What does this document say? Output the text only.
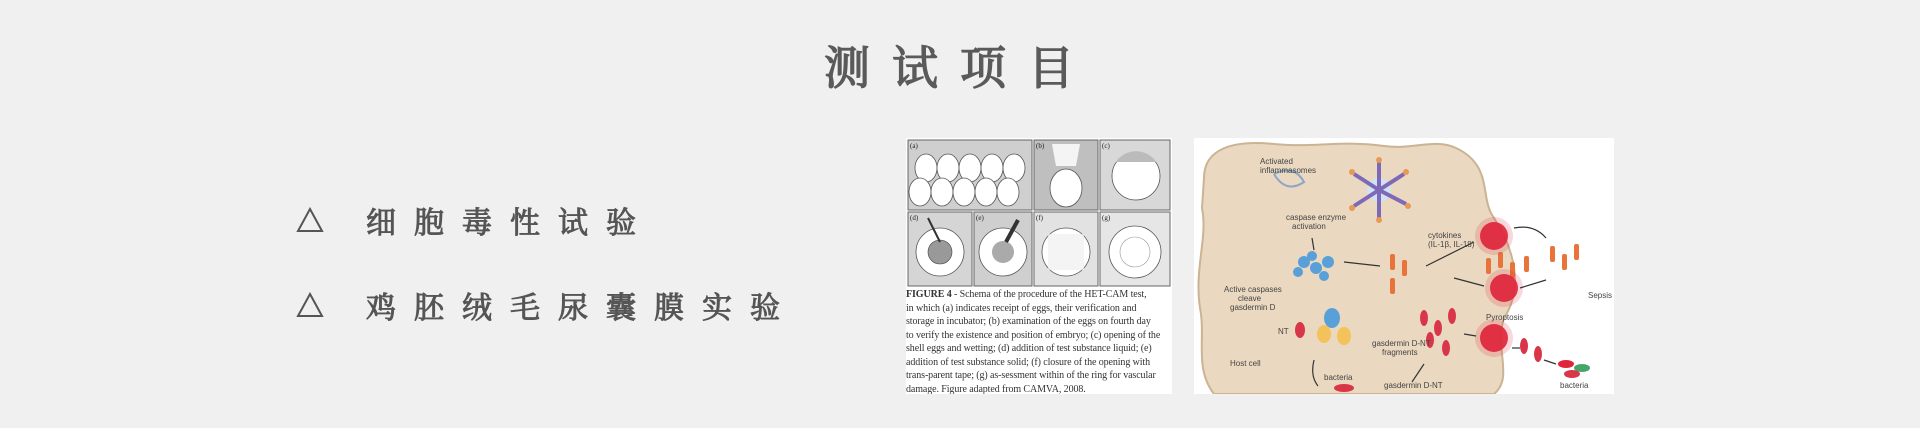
测试项目
细胞毒性试验
鸡胚绒毛尿囊膜实验
(a)	(b)	(c)
(d)	(e)	(f)	(g)
FIGURE 4 - Schema of the procedure of the HET-CAM test,
in which (a) indicates receipt of eggs, their verification and
storage in incubator; (b) examination of the eggs on fourth day
to verify the existence and position of embryo; (c) opening of the
shell eggs and wetting; (d) addition of test substance liquid; (e)
addition of test substance solid; (f) closure of the opening with
trans-parent tape; (g) as-sessment within of the ring for vascular
damage. Figure adapted from CAMVA, 2008.
Activated
inflammasomes
caspase enzyme
activation
cytokines
(IL-1β, IL-18)
Active caspases
cleave
gasdermin D
NT
gasdermin D-NT
fragments
Pyroptosis
Sepsis
Host cell
bacteria
gasdermin D-NT	bacteria
